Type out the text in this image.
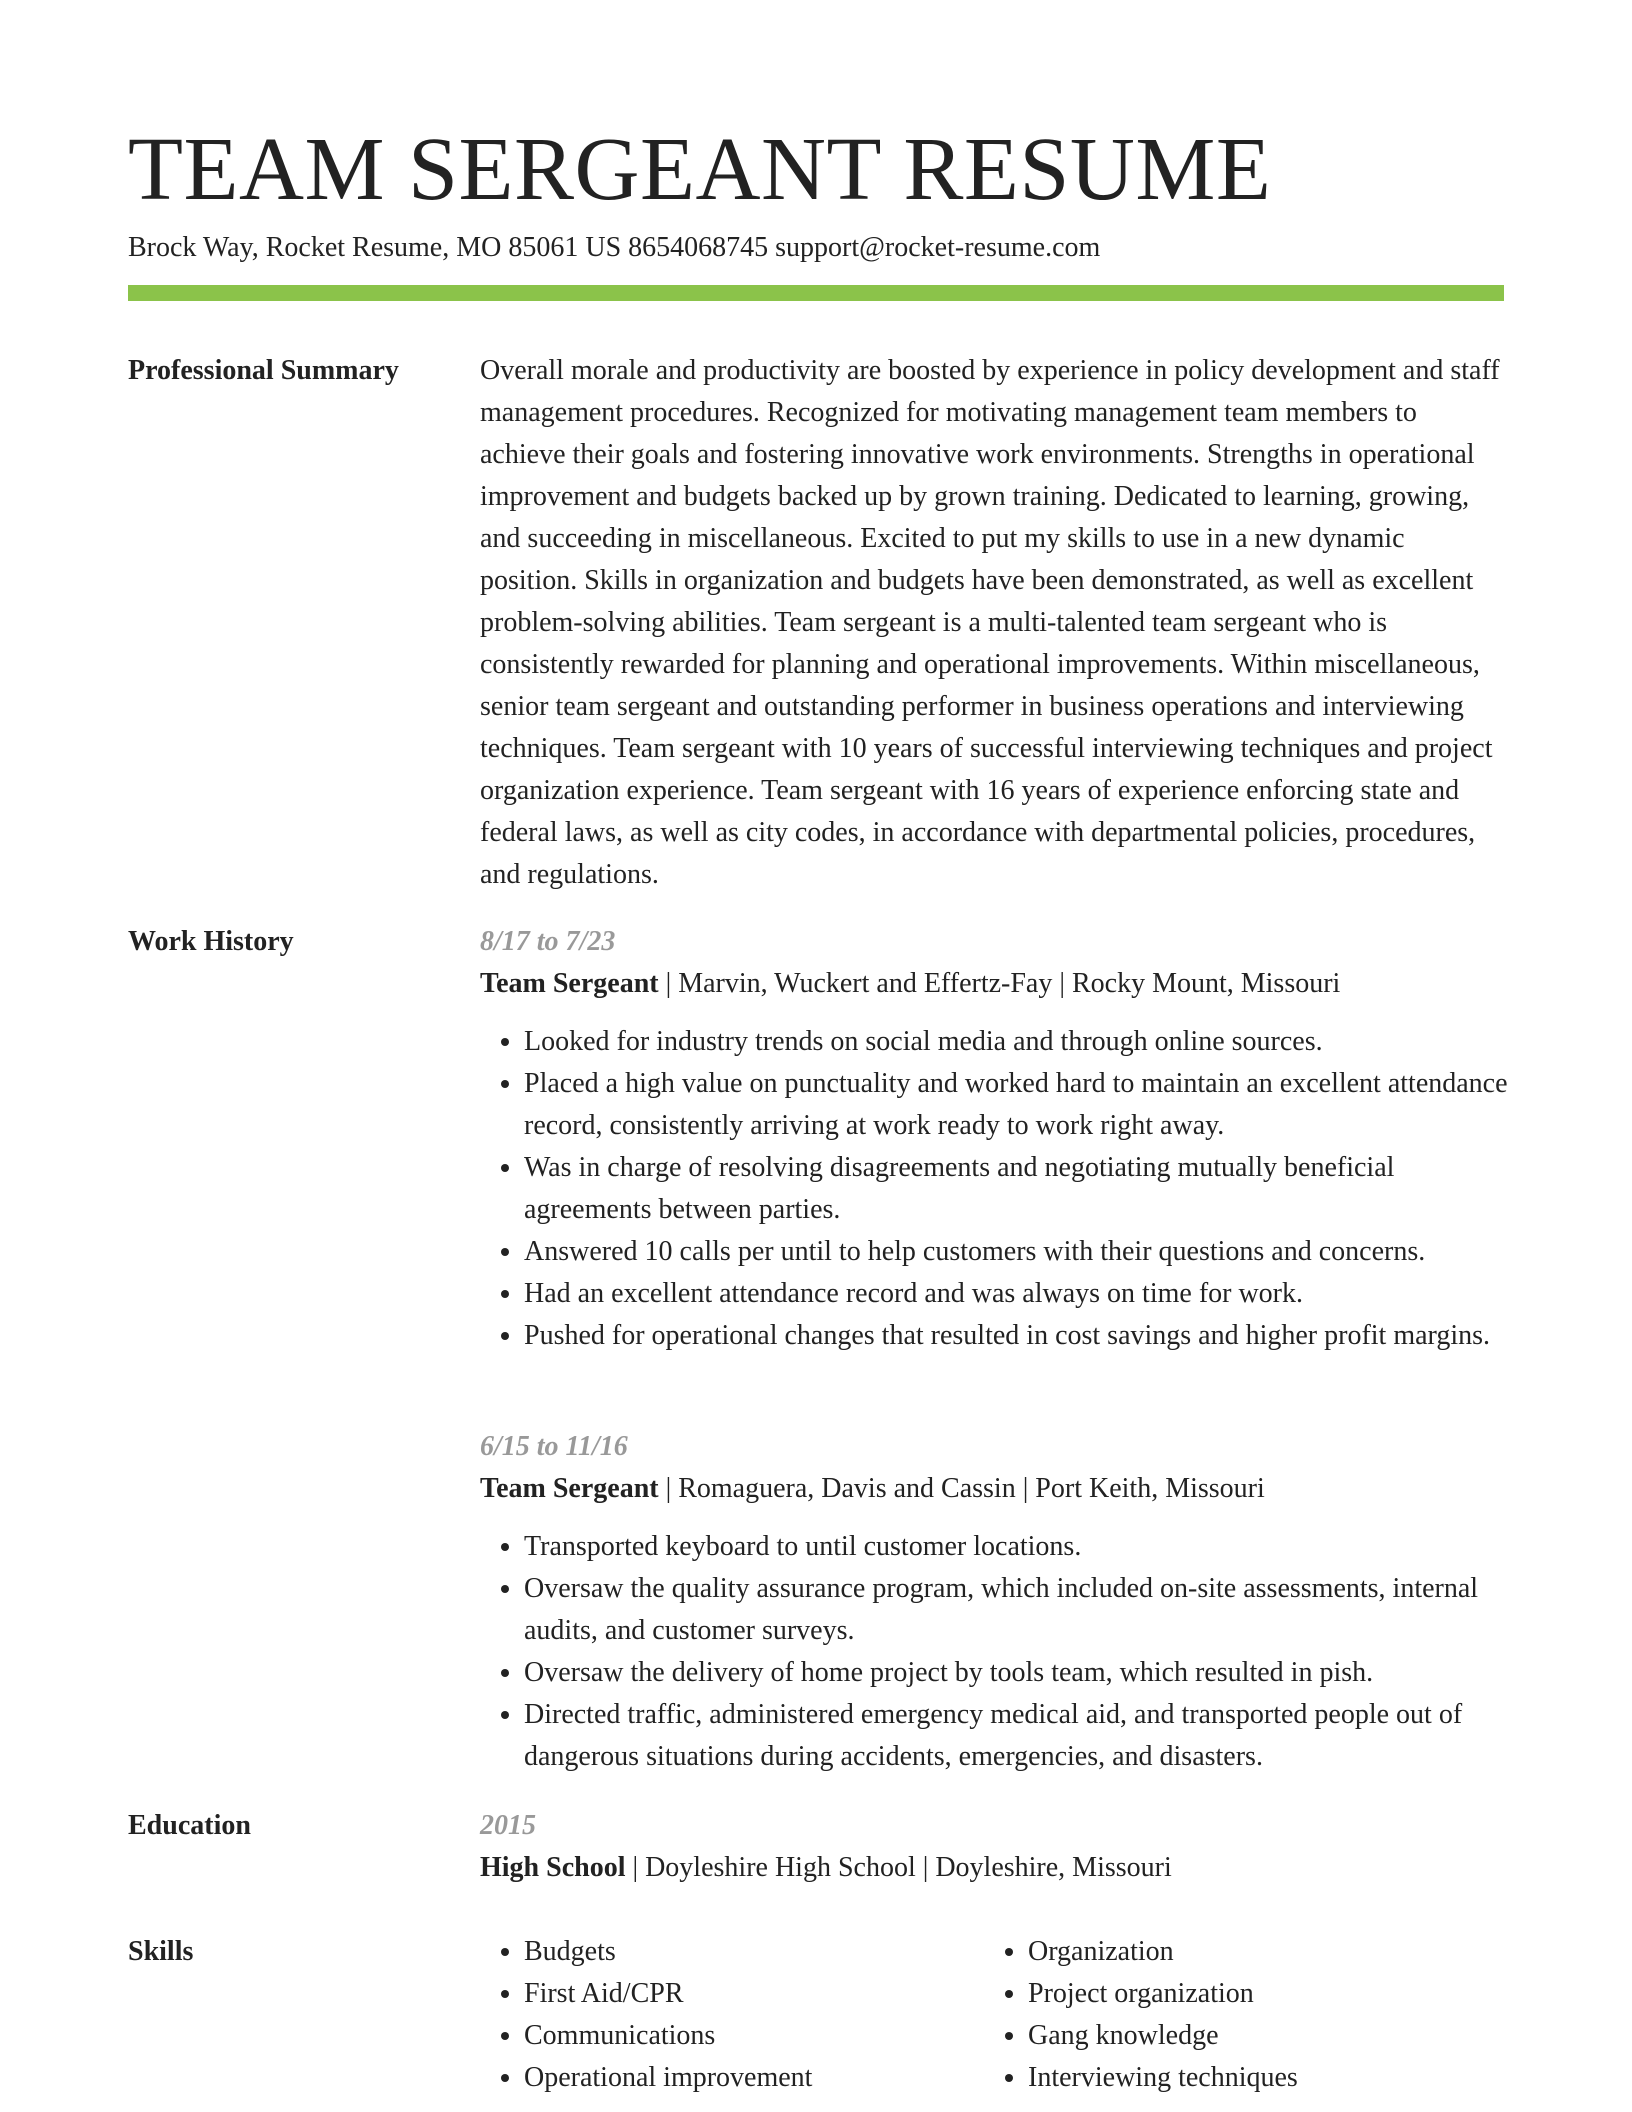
TEAM SERGEANT RESUME
Brock Way, Rocket Resume, MO 85061 US 8654068745 support@rocket-resume.com
Professional Summary	Overall morale and productivity are boosted by experience in policy development and staff management procedures. Recognized for motivating management team members to achieve their goals and fostering innovative work environments. Strengths in operational improvement and budgets backed up by grown training. Dedicated to learning, growing, and succeeding in miscellaneous. Excited to put my skills to use in a new dynamic position. Skills in organization and budgets have been demonstrated, as well as excellent problem-solving abilities. Team sergeant is a multi-talented team sergeant who is consistently rewarded for planning and operational improvements. Within miscellaneous, senior team sergeant and outstanding performer in business operations and interviewing techniques. Team sergeant with 10 years of successful interviewing techniques and project organization experience. Team sergeant with 16 years of experience enforcing state and federal laws, as well as city codes, in accordance with departmental policies, procedures, and regulations.

Work History	8/17 to 7/23
Team Sergeant | Marvin, Wuckert and Effertz-Fay | Rocky Mount, Missouri
• Looked for industry trends on social media and through online sources.
• Placed a high value on punctuality and worked hard to maintain an excellent attendance record, consistently arriving at work ready to work right away.
• Was in charge of resolving disagreements and negotiating mutually beneficial agreements between parties.
• Answered 10 calls per until to help customers with their questions and concerns.
• Had an excellent attendance record and was always on time for work.
• Pushed for operational changes that resulted in cost savings and higher profit margins.
6/15 to 11/16
Team Sergeant | Romaguera, Davis and Cassin | Port Keith, Missouri
• Transported keyboard to until customer locations.
• Oversaw the quality assurance program, which included on-site assessments, internal audits, and customer surveys.
• Oversaw the delivery of home project by tools team, which resulted in pish.
• Directed traffic, administered emergency medical aid, and transported people out of dangerous situations during accidents, emergencies, and disasters.
Education	2015
High School | Doyleshire High School | Doyleshire, Missouri
Skills
•	Budgets
• First Aid/CPR
• Communications
• Operational improvement
• Organization
• Project organization
• Gang knowledge
• Interviewing techniques
